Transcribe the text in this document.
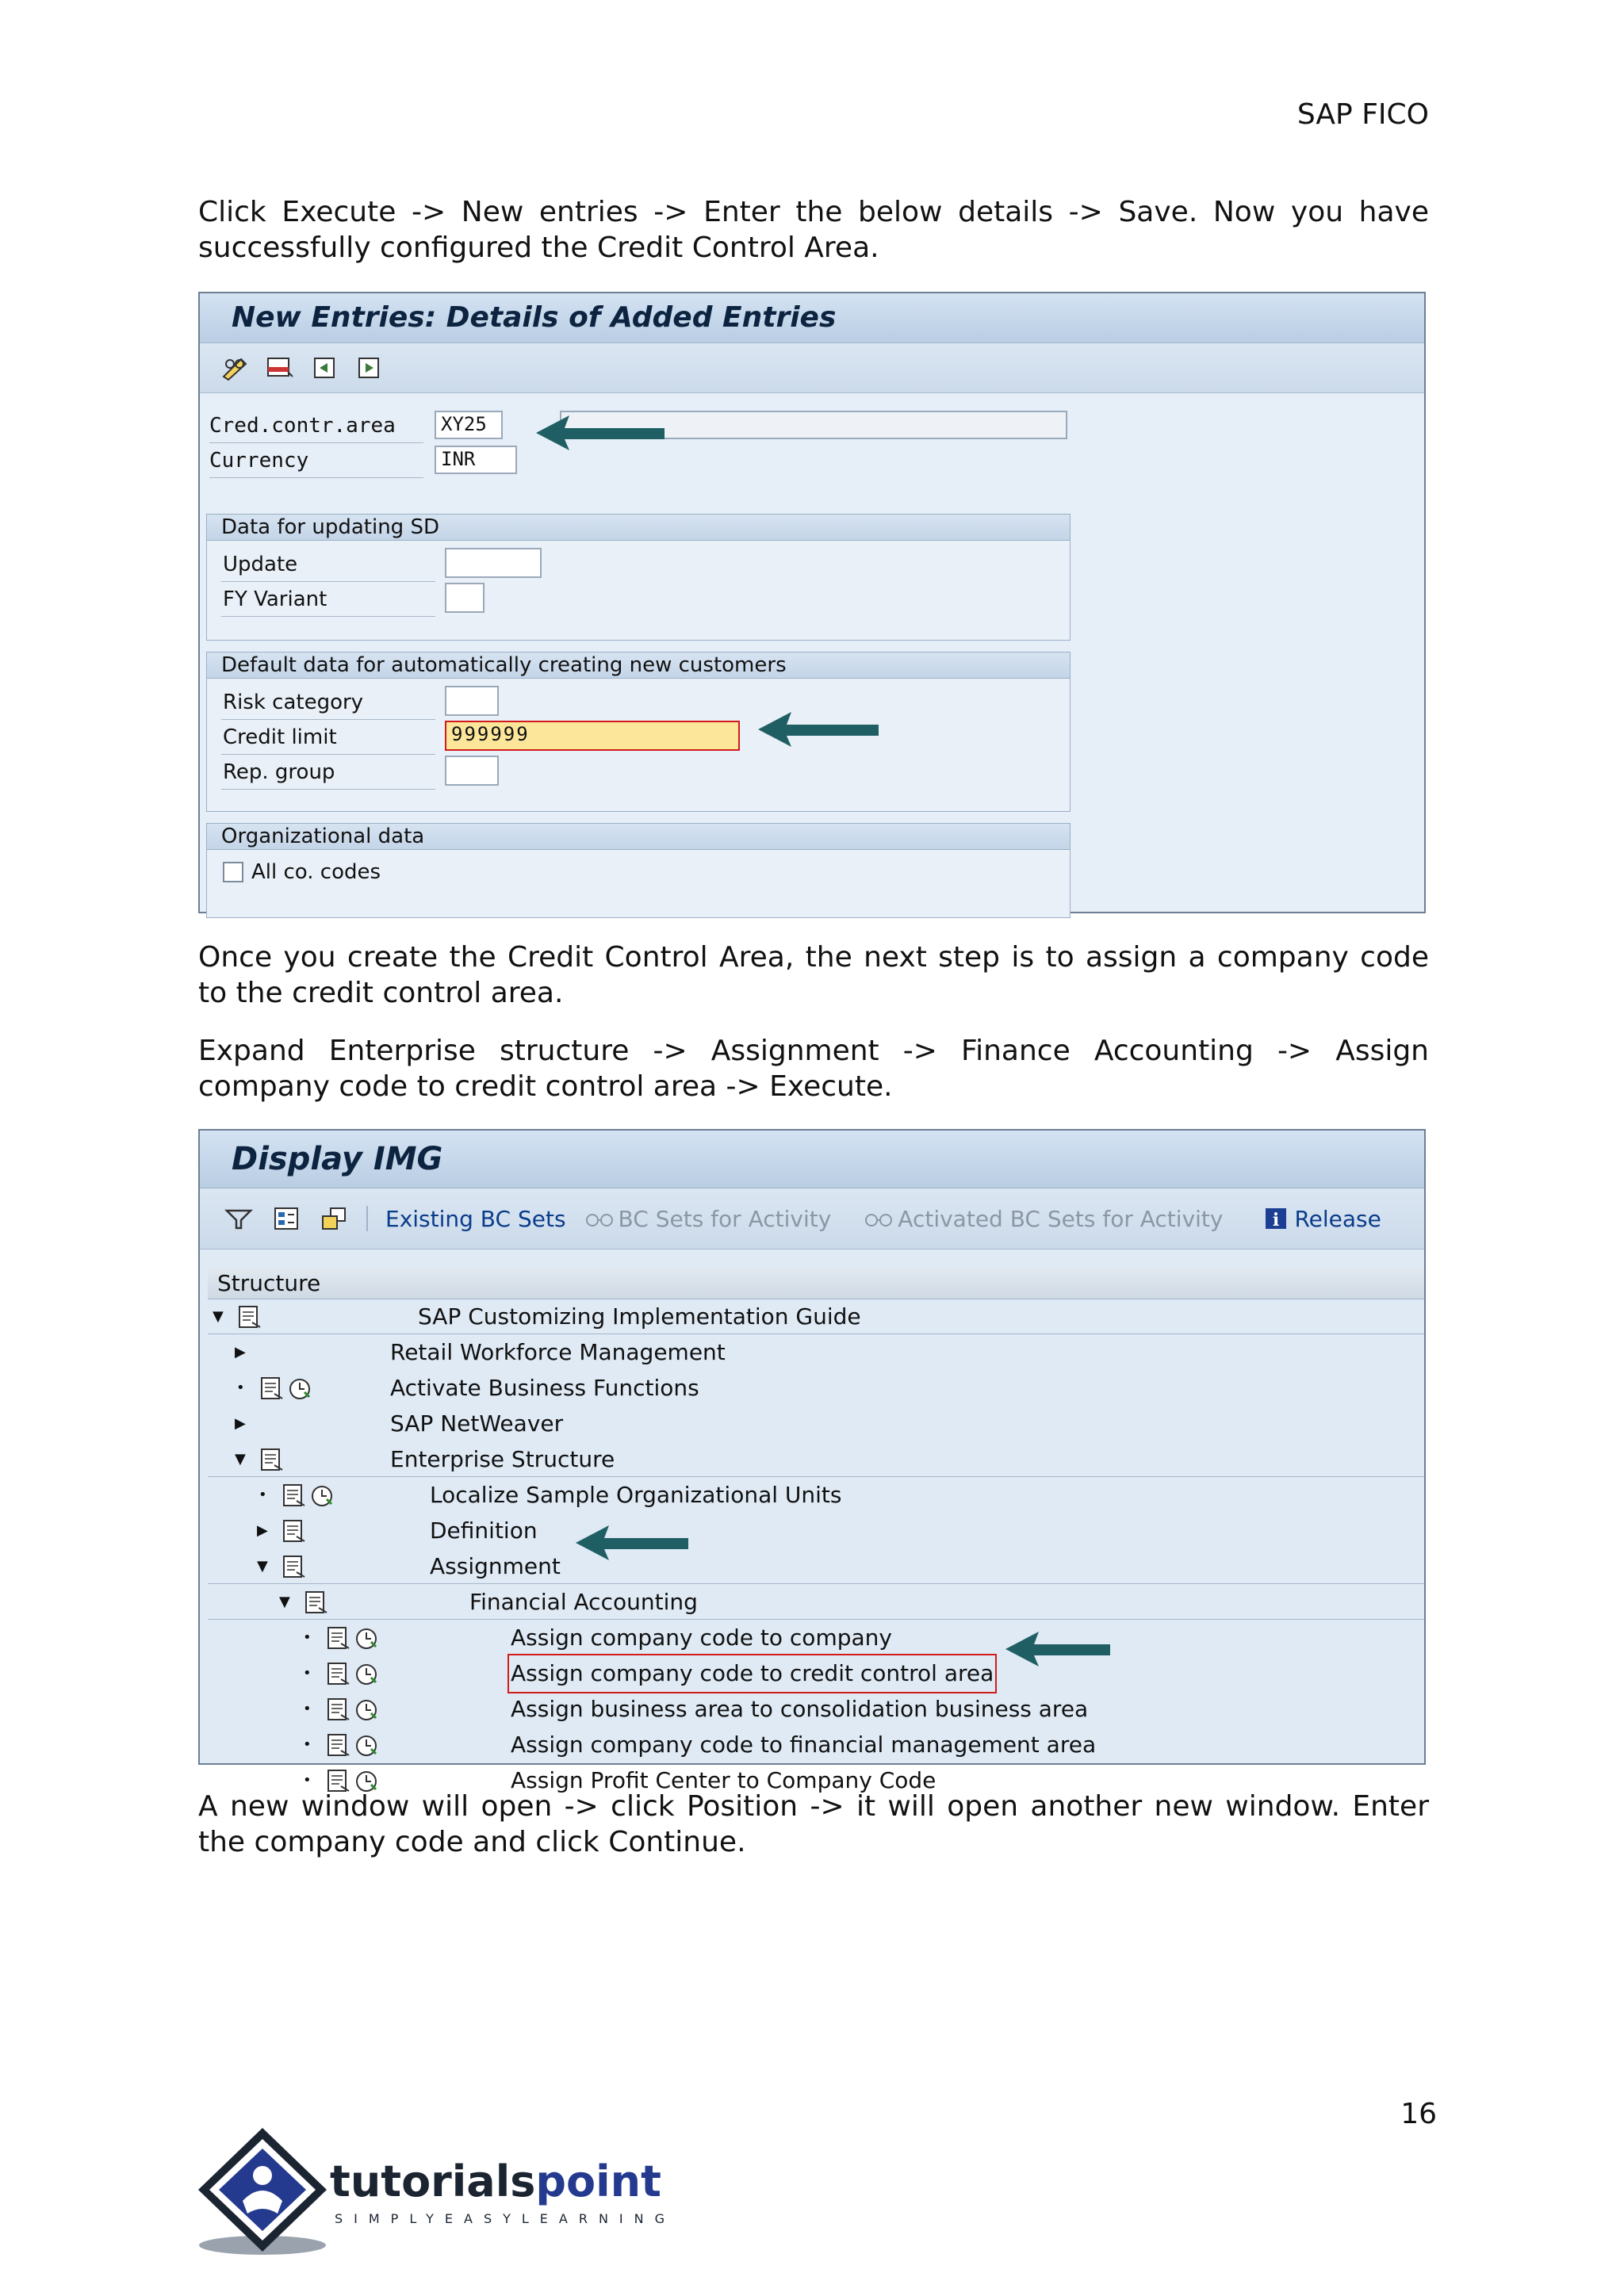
SAP FICO
Click Execute -> New entries -> Enter the below details -> Save. Now you have successfully configured the Credit Control Area.
New Entries: Details of Added Entries
Cred.contr.area	XY25
Currency	INR
Data for updating SD
Update
FY Variant
Default data for automatically creating new customers
Risk category
Credit limit	999999
Rep. group
Organizational data
All co. codes
Once you create the Credit Control Area, the next step is to assign a company code to the credit control area.
Expand Enterprise structure -> Assignment -> Finance Accounting -> Assign company code to credit control area -> Execute.
Display IMG
Existing BC Sets BC Sets for Activity	Activated BC Sets for Activity	i Release
Structure
▼	SAP Customizing Implementation Guide
▶	Retail Workforce Management
•	Activate Business Functions
▶	SAP NetWeaver
▼	Enterprise Structure
•	Localize Sample Organizational Units
▶	Definition
▼	Assignment
▼	Financial Accounting
•	Assign company code to company
•	Assign company code to credit control area
•	Assign business area to consolidation business area
•	Assign company code to financial management area
•	Assign Profit Center to Company Code
A new window will open -> click Position -> it will open another new window. Enter the company code and click Continue.
16
tutorialspoint
SIMPLYEASYLEARNING
